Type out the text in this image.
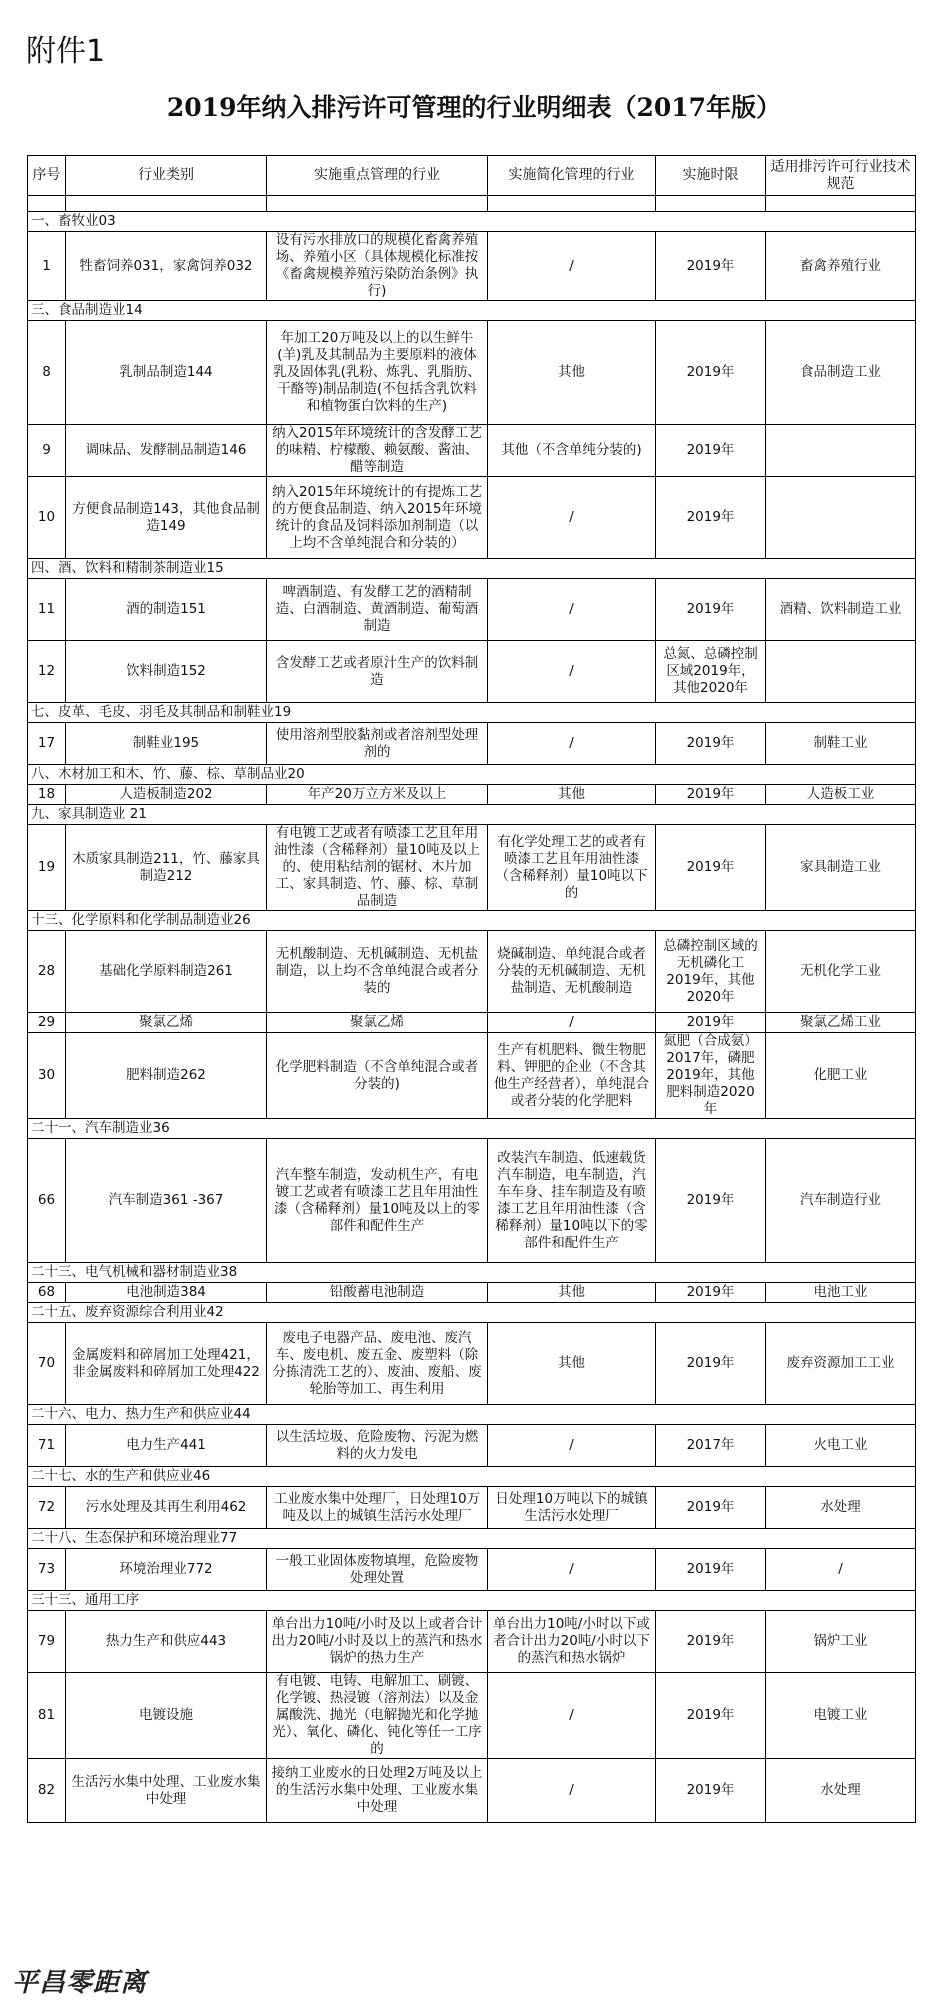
附件1
2019年纳入排污许可管理的行业明细表（2017年版）
序号	行业类别	实施重点管理的行业	实施简化管理的行业	实施时限	适用排污许可行业技术规范

一、畜牧业03					
1	牲畜饲养031，家禽饲养032	设有污水排放口的规模化畜禽养殖场、养殖小区（具体规模化标准按《畜禽规模养殖污染防治条例》执行)	/	2019年	畜禽养殖行业
三、食品制造业14					
8	乳制品制造144	年加工20万吨及以上的以生鲜牛(羊)乳及其制品为主要原料的液体乳及固体乳(乳粉、炼乳、乳脂肪、干酪等)制品制造(不包括含乳饮料和植物蛋白饮料的生产)	其他	2019年	食品制造工业
9	调味品、发酵制品制造146	纳入2015年环境统计的含发酵工艺的味精、柠檬酸、赖氨酸、酱油、醋等制造	其他（不含单纯分装的)	2019年	
10	方便食品制造143，其他食品制造149	纳入2015年环境统计的有提炼工艺的方便食品制造、纳入2015年环境统计的食品及饲料添加剂制造（以上均不含单纯混合和分装的）	/	2019年	
四、酒、饮料和精制茶制造业15					
11	酒的制造151	啤酒制造、有发酵工艺的酒精制造、白酒制造、黄酒制造、葡萄酒制造	/	2019年	酒精、饮料制造工业
12	饮料制造152	含发酵工艺或者原汁生产的饮料制造	/	总氮、总磷控制区域2019年，其他2020年	
七、皮革、毛皮、羽毛及其制品和制鞋业19					
17	制鞋业195	使用溶剂型胶黏剂或者溶剂型处理剂的	/	2019年	制鞋工业
八、木材加工和木、竹、藤、棕、草制品业20					
18	人造板制造202	年产20万立方米及以上	其他	2019年	人造板工业
九、家具制造业 21					
19	木质家具制造211，竹、藤家具制造212	有电镀工艺或者有喷漆工艺且年用油性漆（含稀释剂）量10吨及以上的、使用粘结剂的锯材、木片加工、家具制造、竹、藤、棕、草制品制造	有化学处理工艺的或者有喷漆工艺且年用油性漆（含稀释剂）量10吨以下的	2019年	家具制造工业
十三、化学原料和化学制品制造业26					
28	基础化学原料制造261	无机酸制造、无机碱制造、无机盐制造，以上均不含单纯混合或者分装的	烧碱制造、单纯混合或者分装的无机碱制造、无机盐制造、无机酸制造	总磷控制区域的无机磷化工2019年，其他2020年	无机化学工业
29	聚氯乙烯	聚氯乙烯	/	2019年	聚氯乙烯工业
30	肥料制造262	化学肥料制造（不含单纯混合或者分装的)	生产有机肥料、微生物肥料、钾肥的企业（不含其他生产经营者），单纯混合或者分装的化学肥料	氮肥（合成氨）2017年，磷肥2019年，其他肥料制造2020年	化肥工业
二十一、汽车制造业36					
66	汽车制造361 -367	汽车整车制造，发动机生产，有电镀工艺或者有喷漆工艺且年用油性漆（含稀释剂）量10吨及以上的零部件和配件生产	改装汽车制造、低速载货汽车制造，电车制造，汽车车身、挂车制造及有喷漆工艺且年用油性漆（含稀释剂）量10吨以下的零部件和配件生产	2019年	汽车制造行业
二十三、电气机械和器材制造业38					
68	电池制造384	铅酸蓄电池制造	其他	2019年	电池工业
二十五、废弃资源综合利用业42					
70	金属废料和碎屑加工处理421，非金属废料和碎屑加工处理422	废电子电器产品、废电池、废汽车、废电机、废五金、废塑料（除分拣清洗工艺的）、废油、废船、废轮胎等加工、再生利用	其他	2019年	废弃资源加工工业
二十六、电力、热力生产和供应业44					
71	电力生产441	以生活垃圾、危险废物、污泥为燃料的火力发电	/	2017年	火电工业
二十七、水的生产和供应业46					
72	污水处理及其再生利用462	工业废水集中处理厂，日处理10万吨及以上的城镇生活污水处理厂	日处理10万吨以下的城镇生活污水处理厂	2019年	水处理
二十八、生态保护和环境治理业77					
73	环境治理业772	一般工业固体废物填埋，危险废物处理处置	/	2019年	/
三十三、通用工序					
79	热力生产和供应443	单台出力10吨/小时及以上或者合计出力20吨/小时及以上的蒸汽和热水锅炉的热力生产	单台出力10吨/小时以下或者合计出力20吨/小时以下的蒸汽和热水锅炉	2019年	锅炉工业
81	电镀设施	有电镀、电铸、电解加工、刷镀、化学镀、热浸镀（溶剂法）以及金属酸洗、抛光（电解抛光和化学抛光）、氧化、磷化、钝化等任一工序的	/	2019年	电镀工业
82	生活污水集中处理、工业废水集中处理	接纳工业废水的日处理2万吨及以上的生活污水集中处理、工业废水集中处理	/	2019年	水处理
平昌零距离
